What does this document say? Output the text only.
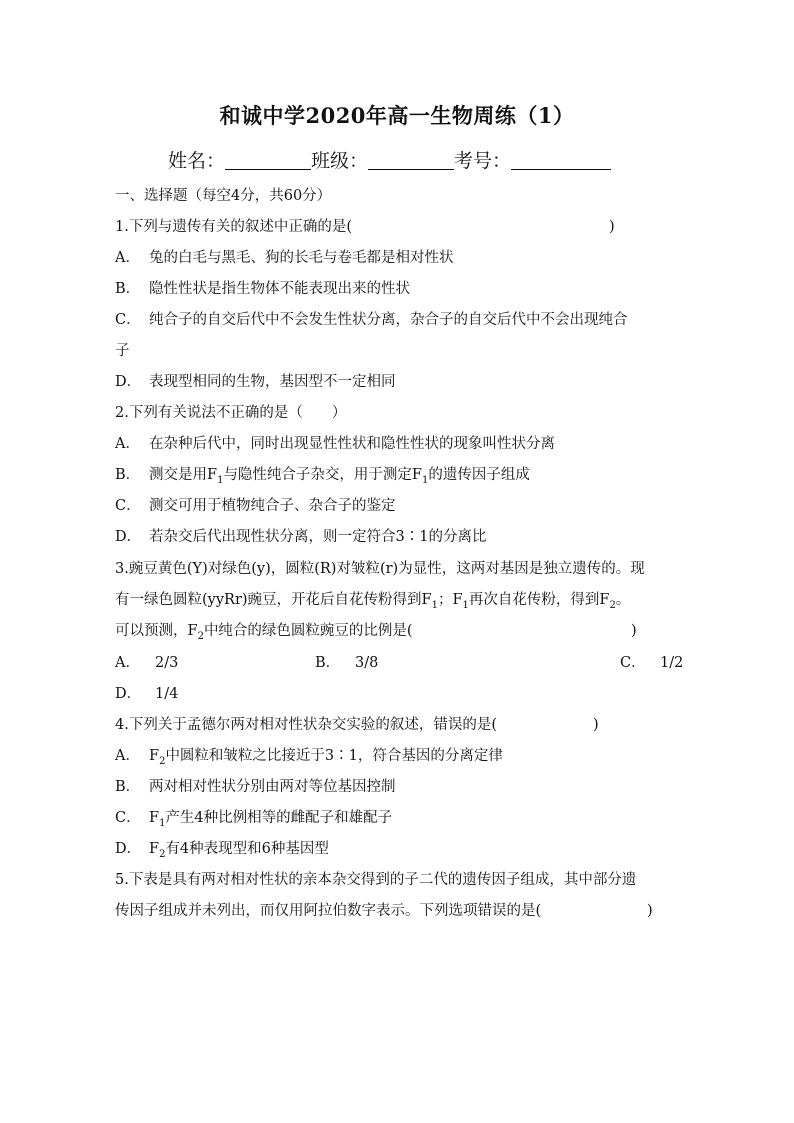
和诚中学2020年高一生物周练（1）
姓名：	班级：	考号：
一、选择题（每空4分，共60分）
1.下列与遗传有关的叙述中正确的是(	)
A． 兔的白毛与黑毛、狗的长毛与卷毛都是相对性状
B． 隐性性状是指生物体不能表现出来的性状
C． 纯合子的自交后代中不会发生性状分离，杂合子的自交后代中不会出现纯合
子
D． 表现型相同的生物，基因型不一定相同
2.下列有关说法不正确的是（　　）
A． 在杂种后代中，同时出现显性性状和隐性性状的现象叫性状分离
B． 测交是用$F_1$与隐性纯合子杂交，用于测定$F_1$的遗传因子组成
C． 测交可用于植物纯合子、杂合子的鉴定
D． 若杂交后代出现性状分离，则一定符合3∶1的分离比
3.豌豆黄色(Y)对绿色(y)，圆粒(R)对皱粒(r)为显性，这两对基因是独立遗传的。现
有一绿色圆粒(yyRr)豌豆，开花后自花传粉得到$F_1$；$F_1$再次自花传粉，得到$F_2$。
可以预测，$F_2$中纯合的绿色圆粒豌豆的比例是(	)
A． 2/3	B． 3/8	C． 1/2
D． 1/4
4.下列关于孟德尔两对相对性状杂交实验的叙述，错误的是(	)
A． $F_2$中圆粒和皱粒之比接近于3∶1，符合基因的分离定律
B． 两对相对性状分别由两对等位基因控制
C． $F_1$产生4种比例相等的雌配子和雄配子
D． $F_2$有4种表现型和6种基因型
5.下表是具有两对相对性状的亲本杂交得到的子二代的遗传因子组成，其中部分遗
传因子组成并未列出，而仅用阿拉伯数字表示。下列选项错误的是(	)
